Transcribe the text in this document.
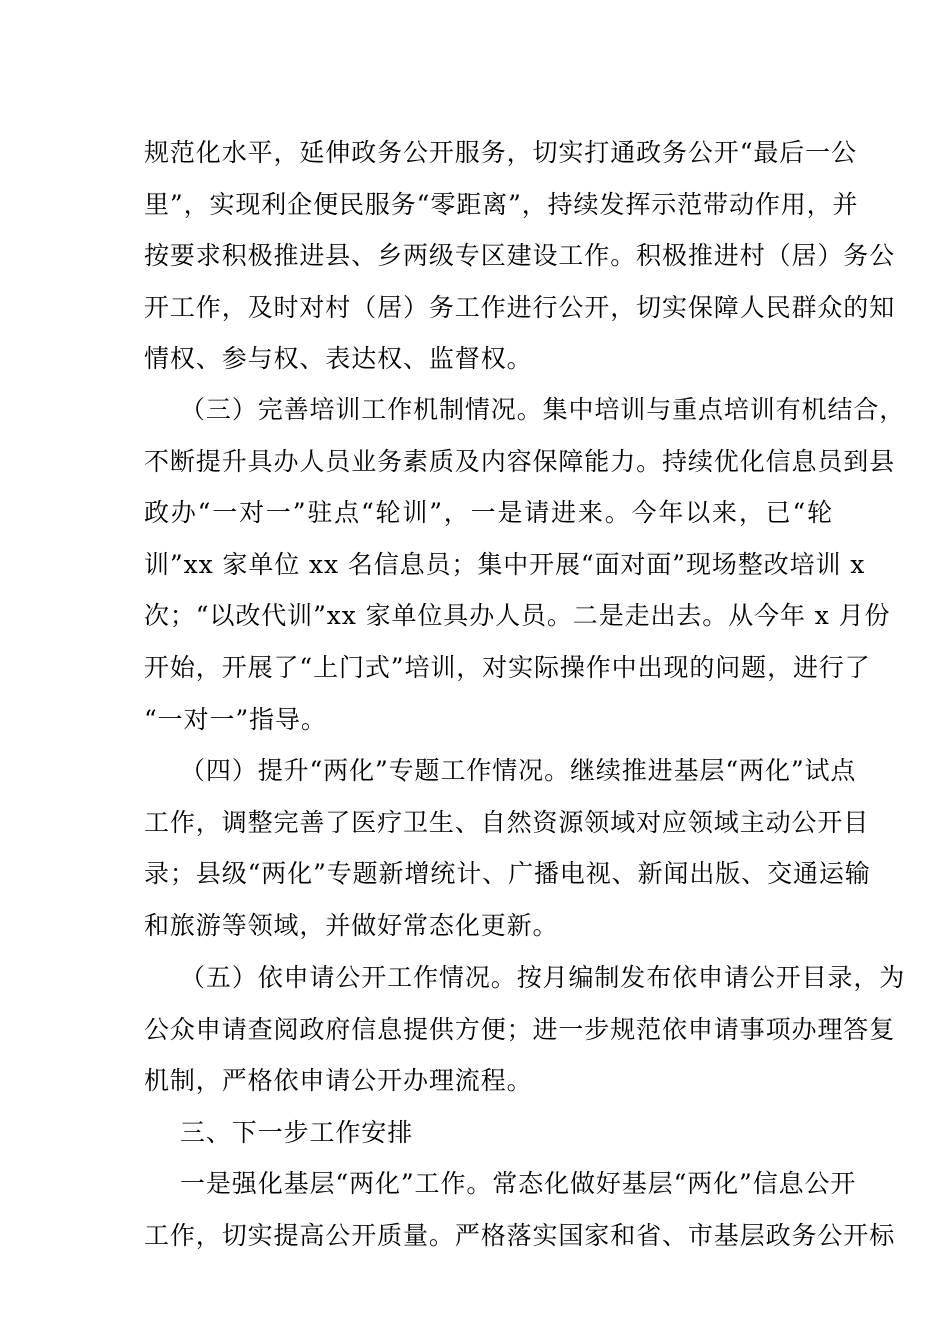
规范化水平，延伸政务公开服务，切实打通政务公开“最后一公
里”，实现利企便民服务“零距离”，持续发挥示范带动作用，并
按要求积极推进县、乡两级专区建设工作。积极推进村（居）务公
开工作，及时对村（居）务工作进行公开，切实保障人民群众的知
情权、参与权、表达权、监督权。
（三）完善培训工作机制情况。集中培训与重点培训有机结合，
不断提升具办人员业务素质及内容保障能力。持续优化信息员到县
政办“一对一”驻点“轮训”，一是请进来。今年以来，已“轮
训”xx 家单位 xx 名信息员；集中开展“面对面”现场整改培训 x
次；“以改代训”xx 家单位具办人员。二是走出去。从今年 x 月份
开始，开展了“上门式”培训，对实际操作中出现的问题，进行了
“一对一”指导。
（四）提升“两化”专题工作情况。继续推进基层“两化”试点
工作，调整完善了医疗卫生、自然资源领域对应领域主动公开目
录；县级“两化”专题新增统计、广播电视、新闻出版、交通运输
和旅游等领域，并做好常态化更新。
（五）依申请公开工作情况。按月编制发布依申请公开目录，为
公众申请查阅政府信息提供方便；进一步规范依申请事项办理答复
机制，严格依申请公开办理流程。
三、下一步工作安排
一是强化基层“两化”工作。常态化做好基层“两化”信息公开
工作，切实提高公开质量。严格落实国家和省、市基层政务公开标
